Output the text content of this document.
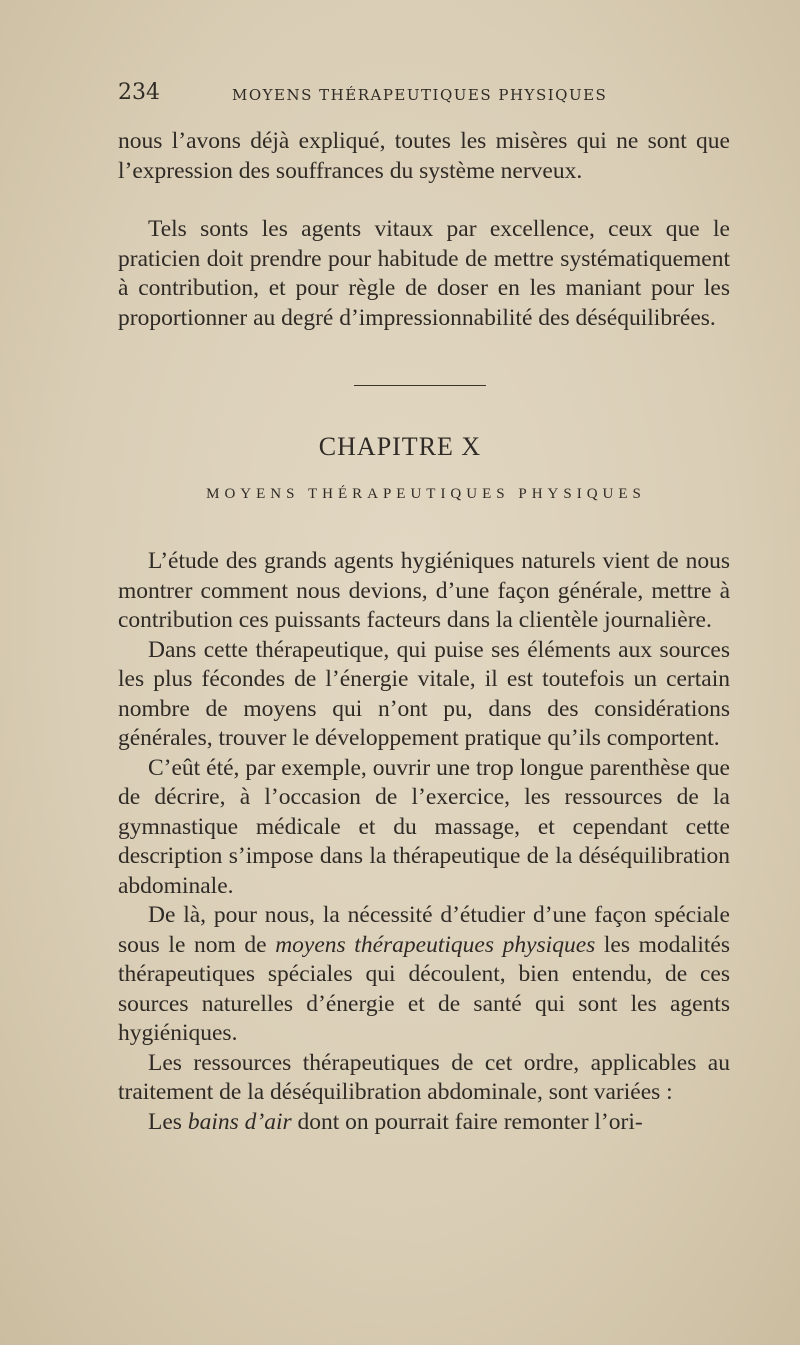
234	MOYENS THÉRAPEUTIQUES PHYSIQUES

nous l’avons déjà expliqué, toutes les misères qui ne sont que l’expression des souffrances du système nerveux.

Tels sonts les agents vitaux par excellence, ceux que le praticien doit prendre pour habitude de mettre systématiquement à contribution, et pour règle de doser en les maniant pour les proportionner au degré d’impressionnabilité des déséquilibrées.

CHAPITRE X
MOYENS THÉRAPEUTIQUES PHYSIQUES

L’étude des grands agents hygiéniques naturels vient de nous montrer comment nous devions, d’une façon générale, mettre à contribution ces puissants facteurs dans la clientèle journalière.

Dans cette thérapeutique, qui puise ses éléments aux sources les plus fécondes de l’énergie vitale, il est toutefois un certain nombre de moyens qui n’ont pu, dans des considérations générales, trouver le développement pratique qu’ils comportent.

C’eût été, par exemple, ouvrir une trop longue parenthèse que de décrire, à l’occasion de l’exercice, les ressources de la gymnastique médicale et du massage, et cependant cette description s’impose dans la thérapeutique de la déséquilibration abdominale.

De là, pour nous, la nécessité d’étudier d’une façon spéciale sous le nom de moyens thérapeutiques physiques les modalités thérapeutiques spéciales qui découlent, bien entendu, de ces sources naturelles d’énergie et de santé qui sont les agents hygiéniques.

Les ressources thérapeutiques de cet ordre, applicables au traitement de la déséquilibration abdominale, sont variées :

Les bains d’air dont on pourrait faire remonter l’ori-
